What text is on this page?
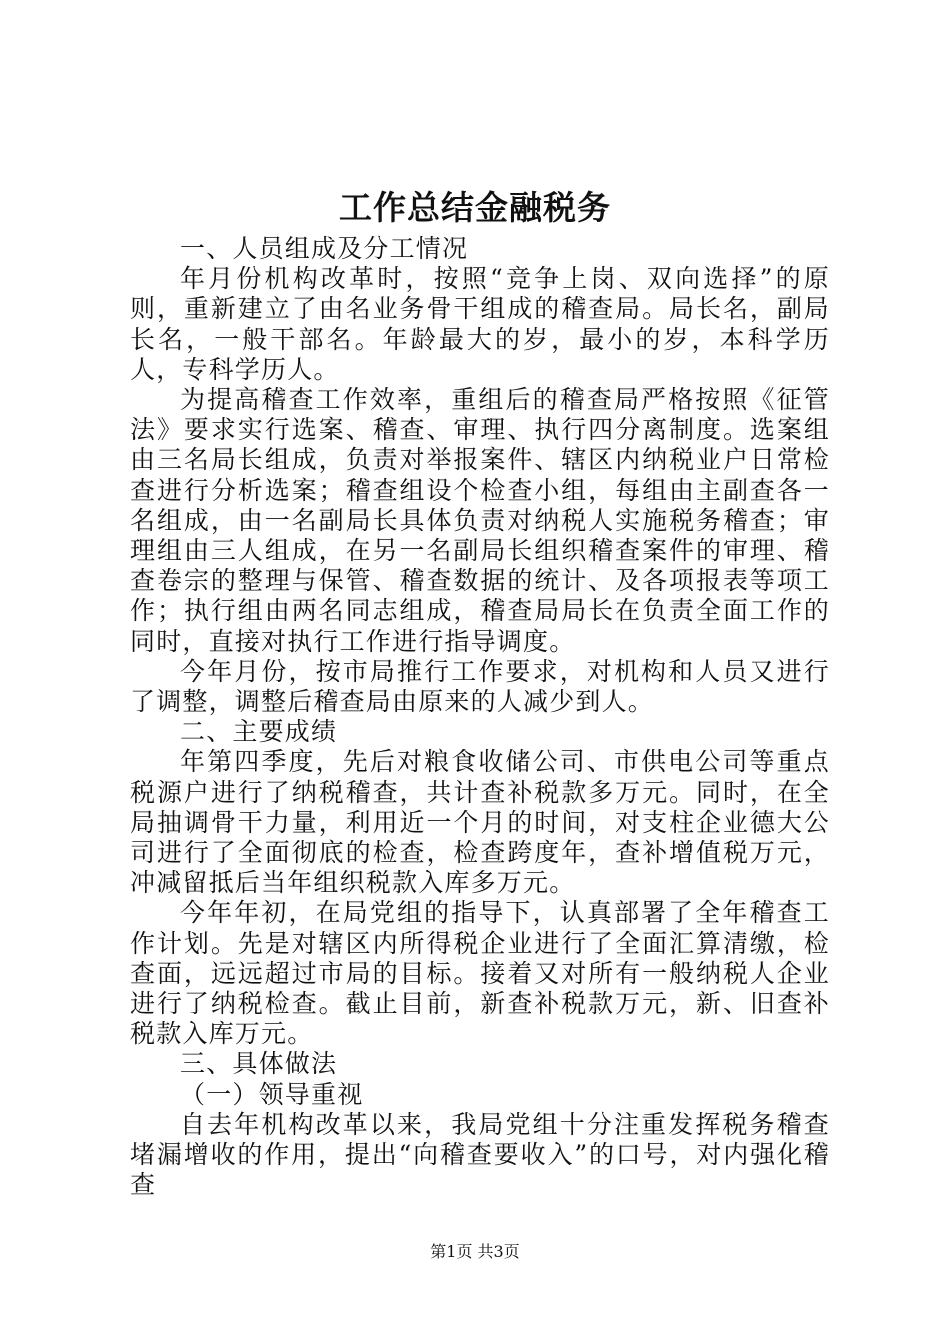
工作总结金融税务

一、人员组成及分工情况

年月份机构改革时，按照“竞争上岗、双向选择”的原则，重新建立了由名业务骨干组成的稽查局。局长名，副局长名，一般干部名。年龄最大的岁，最小的岁，本科学历人，专科学历人。

为提高稽查工作效率，重组后的稽查局严格按照《征管法》要求实行选案、稽查、审理、执行四分离制度。选案组由三名局长组成，负责对举报案件、辖区内纳税业户日常检查进行分析选案；稽查组设个检查小组，每组由主副查各一名组成，由一名副局长具体负责对纳税人实施税务稽查；审理组由三人组成，在另一名副局长组织稽查案件的审理、稽查卷宗的整理与保管、稽查数据的统计、及各项报表等项工作；执行组由两名同志组成，稽查局局长在负责全面工作的同时，直接对执行工作进行指导调度。

今年月份，按市局推行工作要求，对机构和人员又进行了调整，调整后稽查局由原来的人减少到人。

二、主要成绩

年第四季度，先后对粮食收储公司、市供电公司等重点税源户进行了纳税稽查，共计查补税款多万元。同时，在全局抽调骨干力量，利用近一个月的时间，对支柱企业德大公司进行了全面彻底的检查，检查跨度年，查补增值税万元，冲减留抵后当年组织税款入库多万元。

今年年初，在局党组的指导下，认真部署了全年稽查工作计划。先是对辖区内所得税企业进行了全面汇算清缴，检查面，远远超过市局的目标。接着又对所有一般纳税人企业进行了纳税检查。截止目前，新查补税款万元，新、旧查补税款入库万元。

三、具体做法

（一）领导重视

自去年机构改革以来，我局党组十分注重发挥税务稽查堵漏增收的作用，提出“向稽查要收入”的口号，对内强化稽查

第1页 共3页
